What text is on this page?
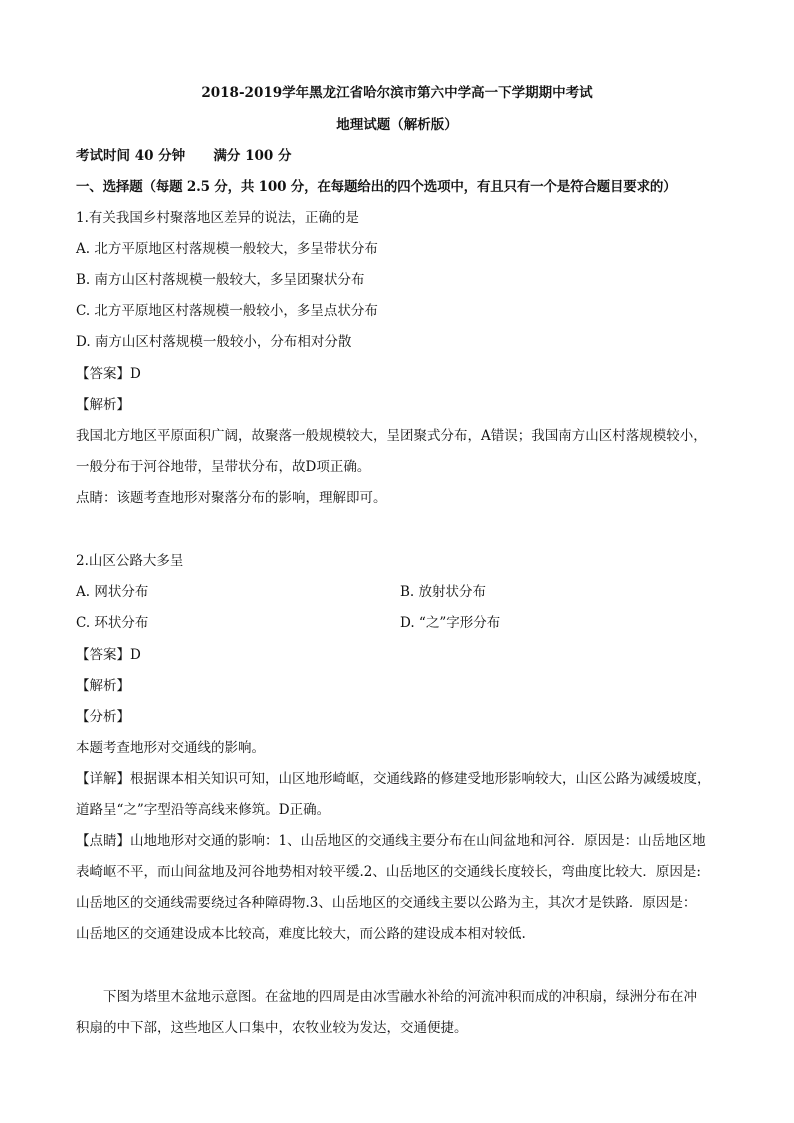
2018-2019学年黑龙江省哈尔滨市第六中学高一下学期期中考试
地理试题（解析版）
考试时间 40 分钟      满分 100 分
一、选择题（每题 2.5 分，共 100 分，在每题给出的四个选项中，有且只有一个是符合题目要求的）
1.有关我国乡村聚落地区差异的说法，正确的是
A. 北方平原地区村落规模一般较大，多呈带状分布
B. 南方山区村落规模一般较大，多呈团聚状分布
C. 北方平原地区村落规模一般较小，多呈点状分布
D. 南方山区村落规模一般较小，分布相对分散
【答案】D
【解析】
我国北方地区平原面积广阔，故聚落一般规模较大，呈团聚式分布，A错误；我国南方山区村落规模较小，
一般分布于河谷地带，呈带状分布，故D项正确。
点睛：该题考查地形对聚落分布的影响，理解即可。
2.山区公路大多呈
A. 网状分布	B. 放射状分布
C. 环状分布	D. “之”字形分布
【答案】D
【解析】
【分析】
本题考查地形对交通线的影响。
【详解】根据课本相关知识可知，山区地形崎岖，交通线路的修建受地形影响较大，山区公路为减缓坡度，
道路呈“之”字型沿等高线来修筑。D正确。
【点睛】山地地形对交通的影响：1、山岳地区的交通线主要分布在山间盆地和河谷．原因是：山岳地区地
表崎岖不平，而山间盆地及河谷地势相对较平缓.2、山岳地区的交通线长度较长，弯曲度比较大．原因是:
山岳地区的交通线需要绕过各种障碍物.3、山岳地区的交通线主要以公路为主，其次才是铁路．原因是：
山岳地区的交通建设成本比较高，难度比较大，而公路的建设成本相对较低.
下图为塔里木盆地示意图。在盆地的四周是由冰雪融水补给的河流冲积而成的冲积扇，绿洲分布在冲
积扇的中下部，这些地区人口集中，农牧业较为发达，交通便捷。
